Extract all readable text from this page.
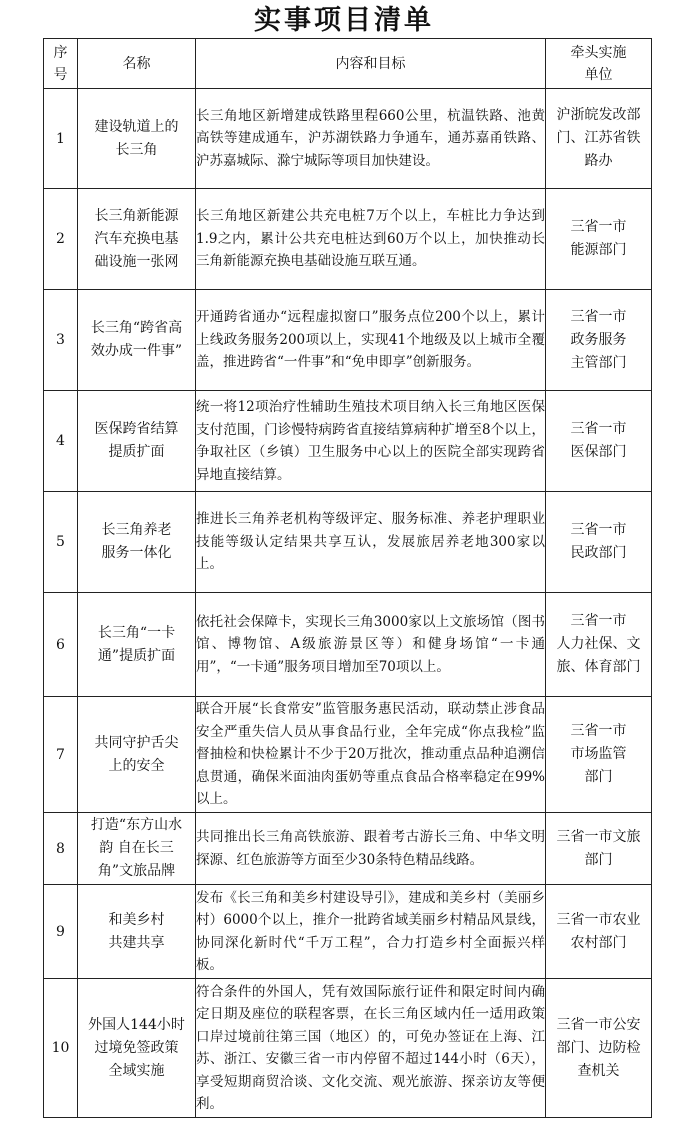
实事项目清单
序
号	名称	内容和目标	牵头实施
单位
1	建设轨道上的
长三角	长三角地区新增建成铁路里程660公里，杭温铁路、池黄高铁等建成通车，沪苏湖铁路力争通车，通苏嘉甬铁路、沪苏嘉城际、滁宁城际等项目加快建设。	沪浙皖发改部
门、江苏省铁
路办
2	长三角新能源
汽车充换电基
础设施一张网	长三角地区新建公共充电桩7万个以上，车桩比力争达到1.9之内，累计公共充电桩达到60万个以上，加快推动长三角新能源充换电基础设施互联互通。	三省一市
能源部门
3	长三角“跨省高
效办成一件事”	开通跨省通办“远程虚拟窗口”服务点位200个以上，累计上线政务服务200项以上，实现41个地级及以上城市全覆盖，推进跨省“一件事”和“免申即享”创新服务。	三省一市
政务服务
主管部门
4	医保跨省结算
提质扩面	统一将12项治疗性辅助生殖技术项目纳入长三角地区医保支付范围，门诊慢特病跨省直接结算病种扩增至8个以上，争取社区（乡镇）卫生服务中心以上的医院全部实现跨省异地直接结算。	三省一市
医保部门
5	长三角养老
服务一体化	推进长三角养老机构等级评定、服务标准、养老护理职业技能等级认定结果共享互认，发展旅居养老地300家以上。	三省一市
民政部门
6	长三角“一卡
通”提质扩面	依托社会保障卡，实现长三角3000家以上文旅场馆（图书馆、博物馆、A级旅游景区等）和健身场馆“一卡通用”，“一卡通”服务项目增加至70项以上。	三省一市
人力社保、文
旅、体育部门
7	共同守护舌尖
上的安全	联合开展“长食常安”监管服务惠民活动，联动禁止涉食品安全严重失信人员从事食品行业，全年完成“你点我检”监督抽检和快检累计不少于20万批次，推动重点品种追溯信息贯通，确保米面油肉蛋奶等重点食品合格率稳定在99%以上。	三省一市
市场监管
部门
8	打造“东方山水
韵 自在长三
角”文旅品牌	共同推出长三角高铁旅游、跟着考古游长三角、中华文明探源、红色旅游等方面至少30条特色精品线路。	三省一市文旅
部门
9	和美乡村
共建共享	发布《长三角和美乡村建设导引》，建成和美乡村（美丽乡村）6000个以上，推介一批跨省域美丽乡村精品风景线，协同深化新时代“千万工程”，合力打造乡村全面振兴样板。	三省一市农业
农村部门
10	外国人144小时
过境免签政策
全域实施	符合条件的外国人，凭有效国际旅行证件和限定时间内确定日期及座位的联程客票，在长三角区域内任一适用政策口岸过境前往第三国（地区）的，可免办签证在上海、江苏、浙江、安徽三省一市内停留不超过144小时（6天），享受短期商贸洽谈、文化交流、观光旅游、探亲访友等便利。	三省一市公安
部门、边防检
查机关
